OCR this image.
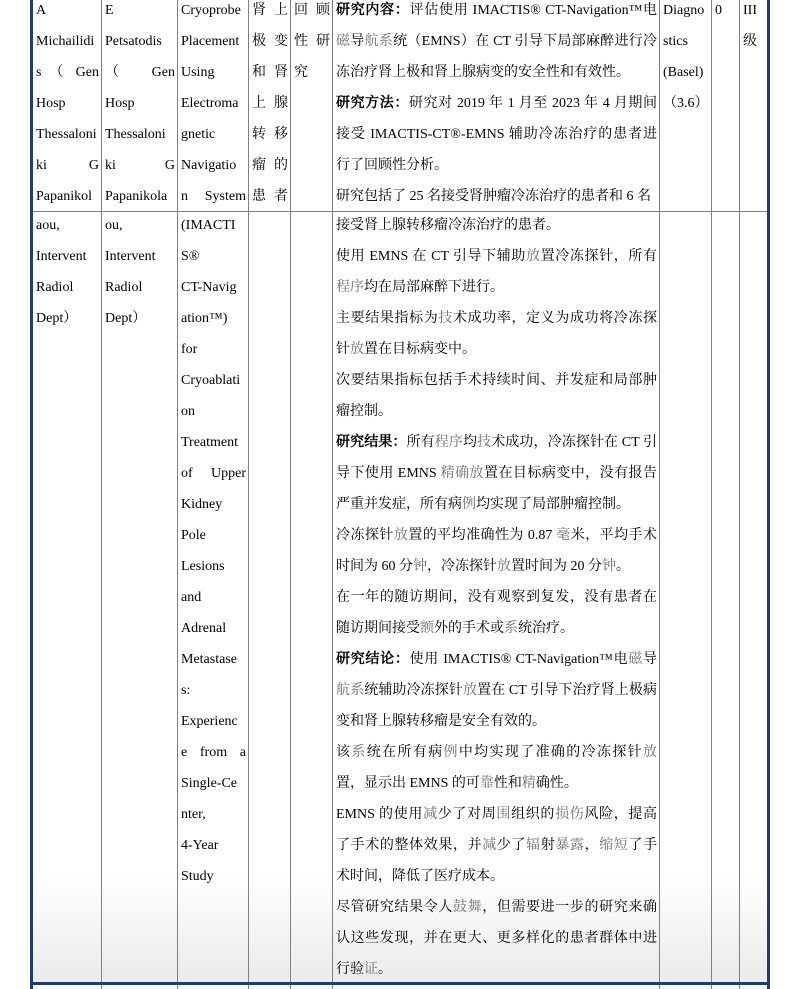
A
Michailidi
s （ Gen
Hosp
Thessaloni
ki G
Papanikol
E
Petsatodis
（ Gen
Hosp
Thessaloni
ki G
Papanikola
Cryoprobe
Placement
Using
Electroma
gnetic
Navigatio
n System
肾 上
极 变
和 肾
上 腺
转 移
瘤 的
患 者
回 顾
性 研
究
研究内容：评估使用 IMACTIS® CT-Navigation™电磁导航系统（EMNS）在 CT 引导下局部麻醉进行冷冻治疗肾上极和肾上腺病变的安全性和有效性。
研究方法：研究对 2019 年 1 月至 2023 年 4 月期间接受 IMACTIS-CT®-EMNS 辅助冷冻治疗的患者进行了回顾性分析。
研究包括了 25 名接受肾肿瘤冷冻治疗的患者和 6 名
Diagno
stics
(Basel)
（3.6）
0	III
级
aou,
Intervent
Radiol
Dept）
ou,
Intervent
Radiol
Dept）
(IMACTI
S®
CT-Navig
ation™)
for
Cryoablati
on
Treatment
of Upper
Kidney
Pole
Lesions
and
Adrenal
Metastase
s:
Experienc
e from a
Single-Ce
nter,
4-Year
Study
接受肾上腺转移瘤冷冻治疗的患者。
使用 EMNS 在 CT 引导下辅助放置冷冻探针，所有程序均在局部麻醉下进行。
主要结果指标为技术成功率，定义为成功将冷冻探针放置在目标病变中。
次要结果指标包括手术持续时间、并发症和局部肿瘤控制。
研究结果：所有程序均技术成功，冷冻探针在 CT 引导下使用 EMNS 精确放置在目标病变中，没有报告严重并发症，所有病例均实现了局部肿瘤控制。
冷冻探针放置的平均准确性为 0.87 毫米，平均手术时间为 60 分钟，冷冻探针放置时间为 20 分钟。
在一年的随访期间，没有观察到复发，没有患者在随访期间接受额外的手术或系统治疗。
研究结论：使用 IMACTIS® CT-Navigation™电磁导航系统辅助冷冻探针放置在 CT 引导下治疗肾上极病变和肾上腺转移瘤是安全有效的。
该系统在所有病例中均实现了准确的冷冻探针放置，显示出 EMNS 的可靠性和精确性。
EMNS 的使用减少了对周围组织的损伤风险，提高了手术的整体效果，并减少了辐射暴露，缩短了手术时间，降低了医疗成本。
尽管研究结果令人鼓舞，但需要进一步的研究来确认这些发现，并在更大、更多样化的患者群体中进行验证。
